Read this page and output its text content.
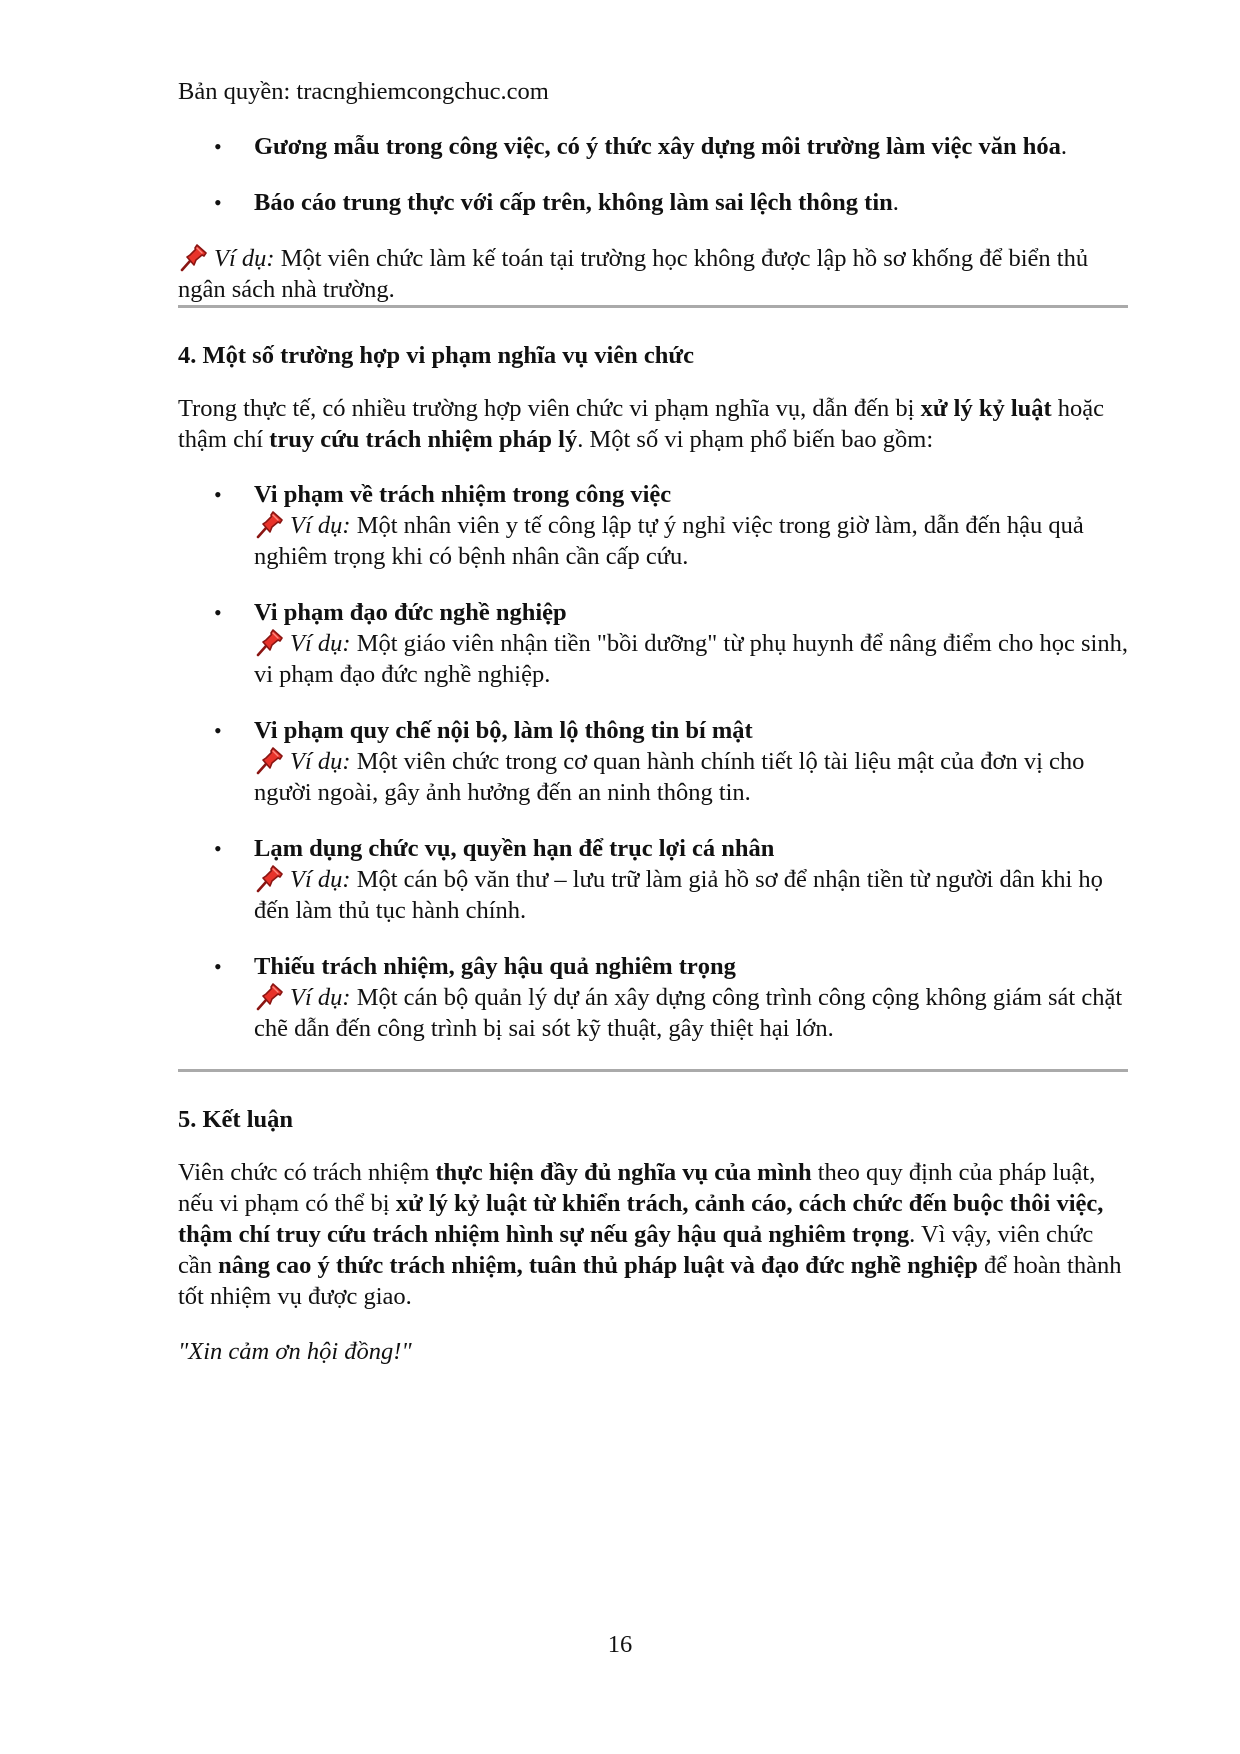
Bản quyền: tracnghiemcongchuc.com

• Gương mẫu trong công việc, có ý thức xây dựng môi trường làm việc văn hóa.
• Báo cáo trung thực với cấp trên, không làm sai lệch thông tin.

Ví dụ: Một viên chức làm kế toán tại trường học không được lập hồ sơ khống để biển thủ ngân sách nhà trường.

4. Một số trường hợp vi phạm nghĩa vụ viên chức

Trong thực tế, có nhiều trường hợp viên chức vi phạm nghĩa vụ, dẫn đến bị xử lý kỷ luật hoặc thậm chí truy cứu trách nhiệm pháp lý. Một số vi phạm phổ biến bao gồm:

• Vi phạm về trách nhiệm trong công việc

Ví dụ: Một nhân viên y tế công lập tự ý nghỉ việc trong giờ làm, dẫn đến hậu quả nghiêm trọng khi có bệnh nhân cần cấp cứu.
• Vi phạm đạo đức nghề nghiệp

Ví dụ: Một giáo viên nhận tiền "bồi dưỡng" từ phụ huynh để nâng điểm cho học sinh, vi phạm đạo đức nghề nghiệp.
• Vi phạm quy chế nội bộ, làm lộ thông tin bí mật

Ví dụ: Một viên chức trong cơ quan hành chính tiết lộ tài liệu mật của đơn vị cho người ngoài, gây ảnh hưởng đến an ninh thông tin.
• Lạm dụng chức vụ, quyền hạn để trục lợi cá nhân

Ví dụ: Một cán bộ văn thư – lưu trữ làm giả hồ sơ để nhận tiền từ người dân khi họ đến làm thủ tục hành chính.
• Thiếu trách nhiệm, gây hậu quả nghiêm trọng

Ví dụ: Một cán bộ quản lý dự án xây dựng công trình công cộng không giám sát chặt chẽ dẫn đến công trình bị sai sót kỹ thuật, gây thiệt hại lớn.

5. Kết luận

Viên chức có trách nhiệm thực hiện đầy đủ nghĩa vụ của mình theo quy định của pháp luật, nếu vi phạm có thể bị xử lý kỷ luật từ khiển trách, cảnh cáo, cách chức đến buộc thôi việc, thậm chí truy cứu trách nhiệm hình sự nếu gây hậu quả nghiêm trọng. Vì vậy, viên chức cần nâng cao ý thức trách nhiệm, tuân thủ pháp luật và đạo đức nghề nghiệp để hoàn thành tốt nhiệm vụ được giao.

"Xin cảm ơn hội đồng!"

16
